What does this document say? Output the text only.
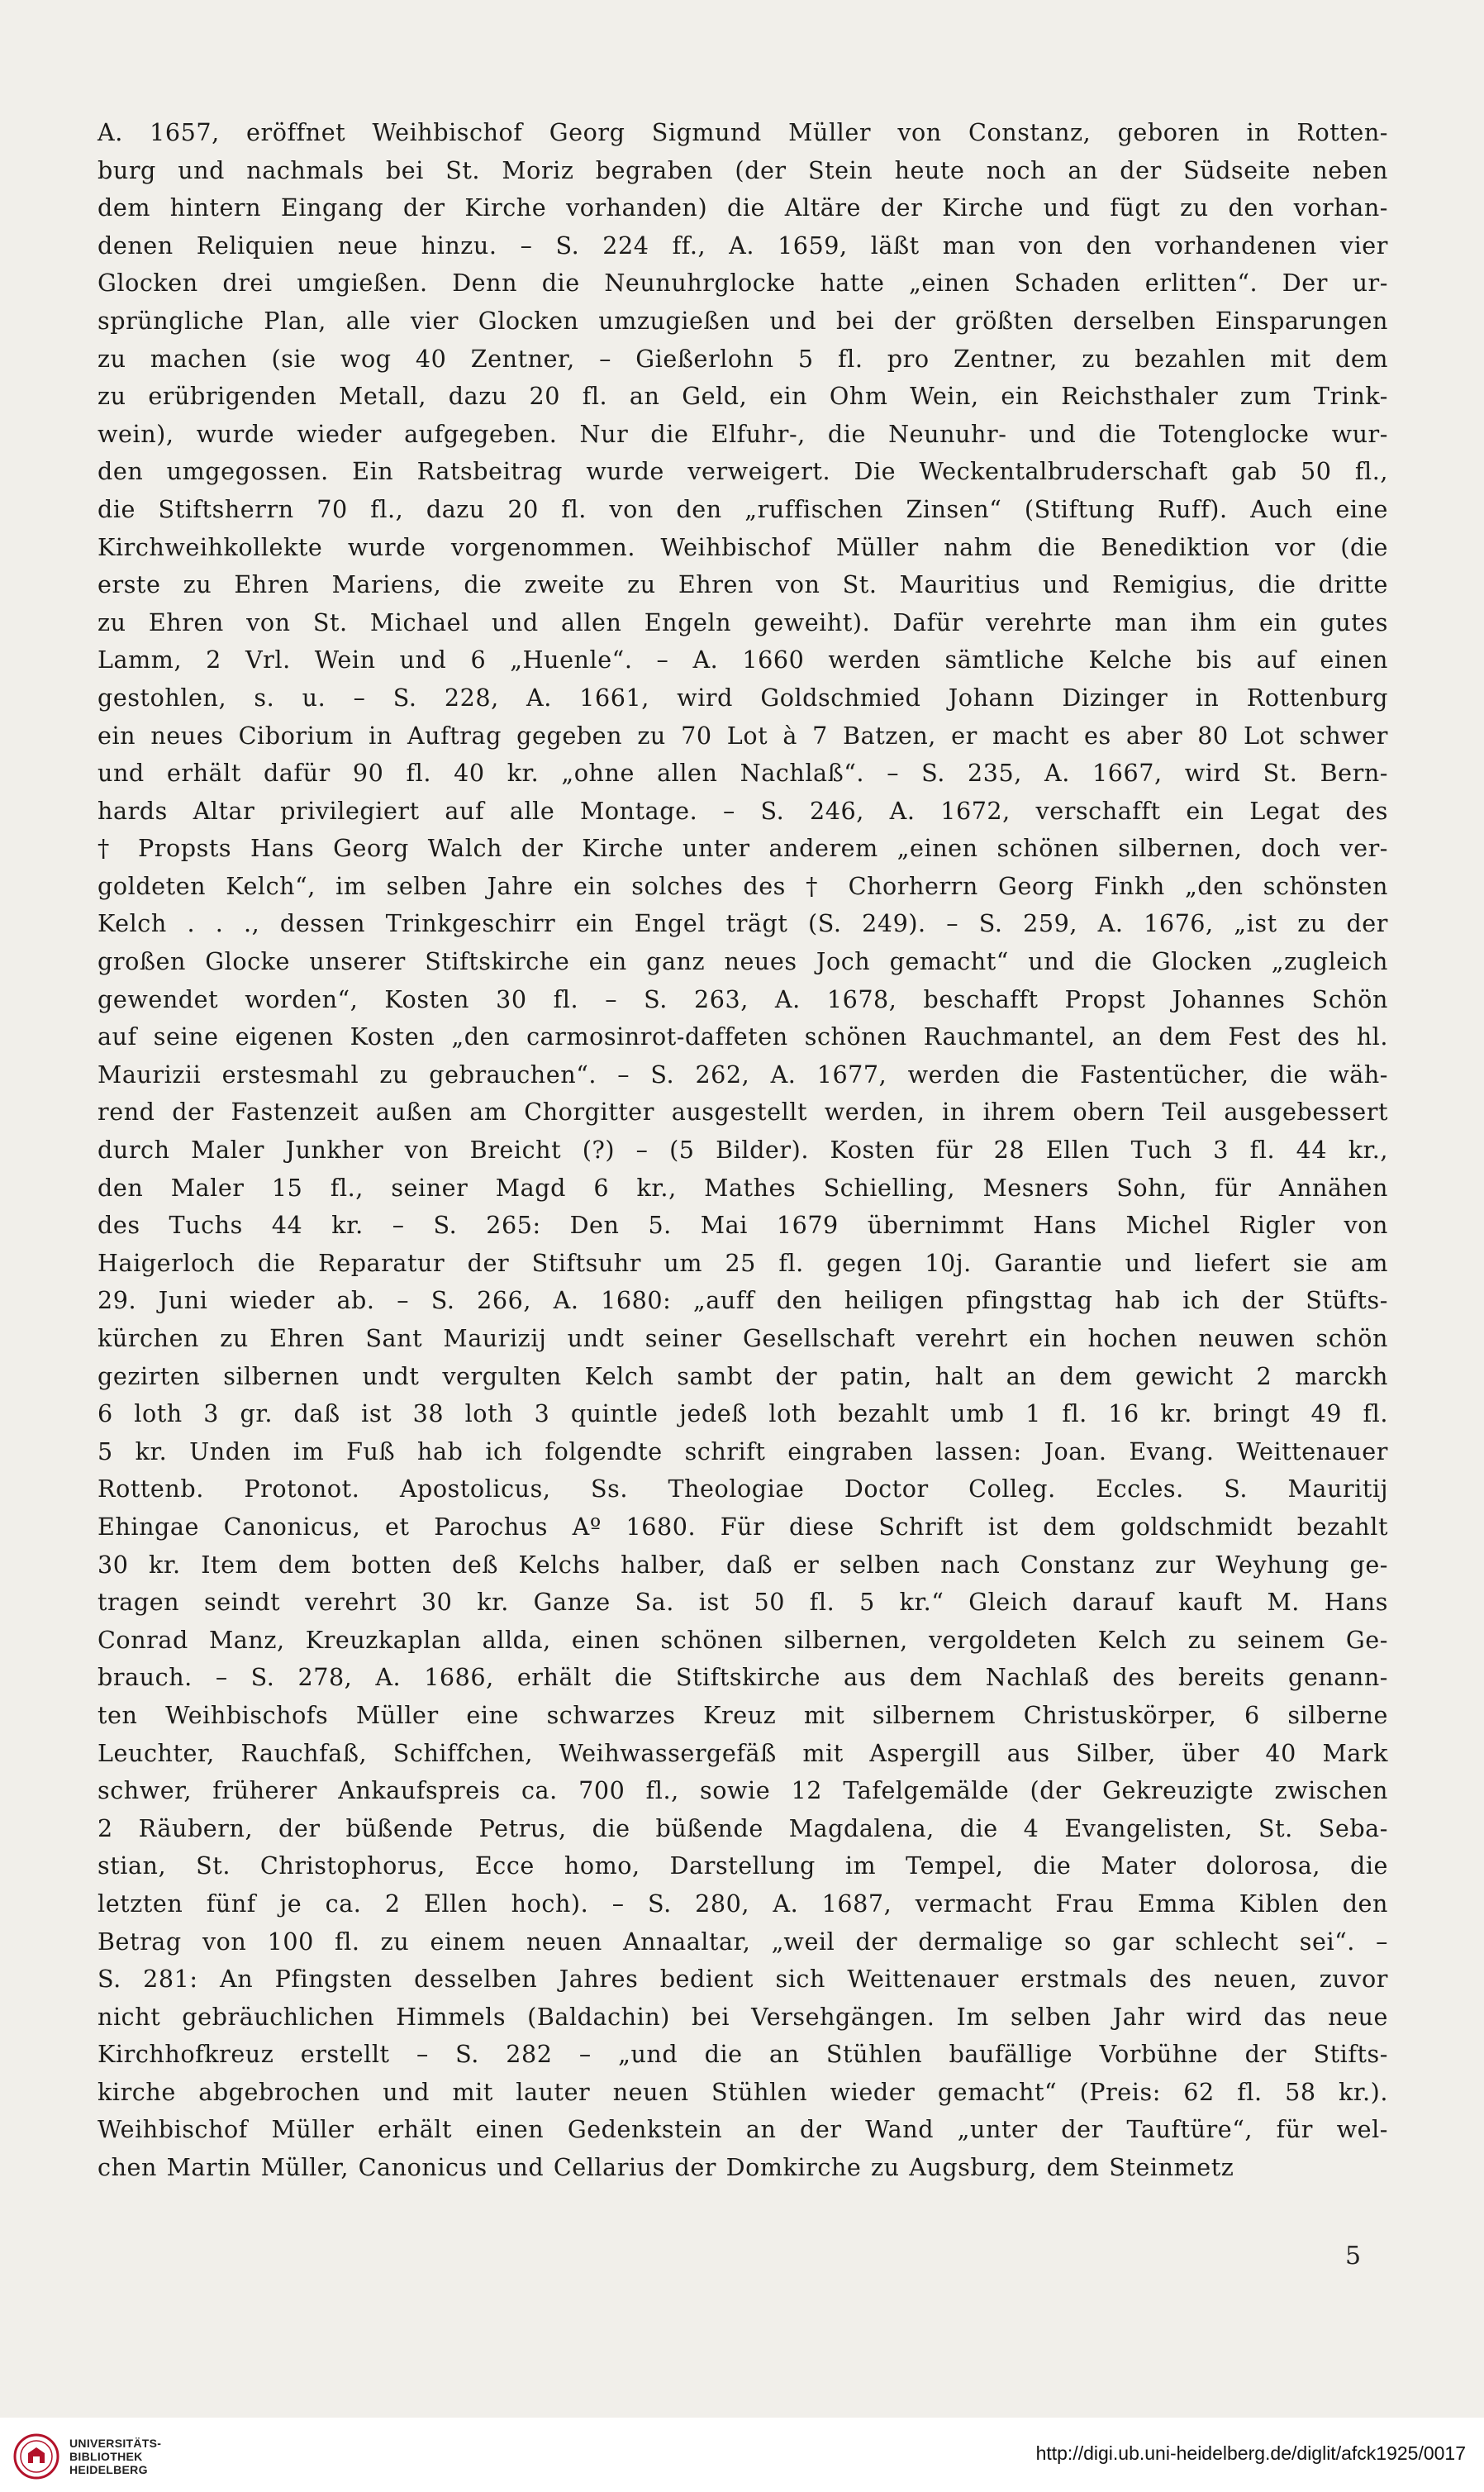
A. 1657, eröffnet Weihbischof Georg Sigmund Müller von Constanz, geboren in Rotten-
burg und nachmals bei St. Moriz begraben (der Stein heute noch an der Südseite neben
dem hintern Eingang der Kirche vorhanden) die Altäre der Kirche und fügt zu den vorhan-
denen Reliquien neue hinzu. – S. 224 ff., A. 1659, läßt man von den vorhandenen vier
Glocken drei umgießen. Denn die Neunuhrglocke hatte „einen Schaden erlitten“. Der ur-
sprüngliche Plan, alle vier Glocken umzugießen und bei der größten derselben Einsparungen
zu machen (sie wog 40 Zentner, – Gießerlohn 5 fl. pro Zentner, zu bezahlen mit dem
zu erübrigenden Metall, dazu 20 fl. an Geld, ein Ohm Wein, ein Reichsthaler zum Trink-
wein), wurde wieder aufgegeben. Nur die Elfuhr-, die Neunuhr- und die Totenglocke wur-
den umgegossen. Ein Ratsbeitrag wurde verweigert. Die Weckentalbruderschaft gab 50 fl.,
die Stiftsherrn 70 fl., dazu 20 fl. von den „ruffischen Zinsen“ (Stiftung Ruff). Auch eine
Kirchweihkollekte wurde vorgenommen. Weihbischof Müller nahm die Benediktion vor (die
erste zu Ehren Mariens, die zweite zu Ehren von St. Mauritius und Remigius, die dritte
zu Ehren von St. Michael und allen Engeln geweiht). Dafür verehrte man ihm ein gutes
Lamm, 2 Vrl. Wein und 6 „Huenle“. – A. 1660 werden sämtliche Kelche bis auf einen
gestohlen, s. u. – S. 228, A. 1661, wird Goldschmied Johann Dizinger in Rottenburg
ein neues Ciborium in Auftrag gegeben zu 70 Lot à 7 Batzen, er macht es aber 80 Lot schwer
und erhält dafür 90 fl. 40 kr. „ohne allen Nachlaß“. – S. 235, A. 1667, wird St. Bern-
hards Altar privilegiert auf alle Montage. – S. 246, A. 1672, verschafft ein Legat des
† Propsts Hans Georg Walch der Kirche unter anderem „einen schönen silbernen, doch ver-
goldeten Kelch“, im selben Jahre ein solches des † Chorherrn Georg Finkh „den schönsten
Kelch . . ., dessen Trinkgeschirr ein Engel trägt (S. 249). – S. 259, A. 1676, „ist zu der
großen Glocke unserer Stiftskirche ein ganz neues Joch gemacht“ und die Glocken „zugleich
gewendet worden“, Kosten 30 fl. – S. 263, A. 1678, beschafft Propst Johannes Schön
auf seine eigenen Kosten „den carmosinrot-daffeten schönen Rauchmantel, an dem Fest des hl.
Maurizii erstesmahl zu gebrauchen“. – S. 262, A. 1677, werden die Fastentücher, die wäh-
rend der Fastenzeit außen am Chorgitter ausgestellt werden, in ihrem obern Teil ausgebessert
durch Maler Junkher von Breicht (?) – (5 Bilder). Kosten für 28 Ellen Tuch 3 fl. 44 kr.,
den Maler 15 fl., seiner Magd 6 kr., Mathes Schielling, Mesners Sohn, für Annähen
des Tuchs 44 kr. – S. 265: Den 5. Mai 1679 übernimmt Hans Michel Rigler von
Haigerloch die Reparatur der Stiftsuhr um 25 fl. gegen 10j. Garantie und liefert sie am
29. Juni wieder ab. – S. 266, A. 1680: „auff den heiligen pfingsttag hab ich der Stüfts-
kürchen zu Ehren Sant Maurizij undt seiner Gesellschaft verehrt ein hochen neuwen schön
gezirten silbernen undt vergulten Kelch sambt der patin, halt an dem gewicht 2 marckh
6 loth 3 gr. daß ist 38 loth 3 quintle jedeß loth bezahlt umb 1 fl. 16 kr. bringt 49 fl.
5 kr. Unden im Fuß hab ich folgendte schrift eingraben lassen: Joan. Evang. Weittenauer
Rottenb. Protonot. Apostolicus, Ss. Theologiae Doctor Colleg. Eccles. S. Mauritij
Ehingae Canonicus, et Parochus Aº 1680. Für diese Schrift ist dem goldschmidt bezahlt
30 kr. Item dem botten deß Kelchs halber, daß er selben nach Constanz zur Weyhung ge-
tragen seindt verehrt 30 kr. Ganze Sa. ist 50 fl. 5 kr.“ Gleich darauf kauft M. Hans
Conrad Manz, Kreuzkaplan allda, einen schönen silbernen, vergoldeten Kelch zu seinem Ge-
brauch. – S. 278, A. 1686, erhält die Stiftskirche aus dem Nachlaß des bereits genann-
ten Weihbischofs Müller eine schwarzes Kreuz mit silbernem Christuskörper, 6 silberne
Leuchter, Rauchfaß, Schiffchen, Weihwassergefäß mit Aspergill aus Silber, über 40 Mark
schwer, früherer Ankaufspreis ca. 700 fl., sowie 12 Tafelgemälde (der Gekreuzigte zwischen
2 Räubern, der büßende Petrus, die büßende Magdalena, die 4 Evangelisten, St. Seba-
stian, St. Christophorus, Ecce homo, Darstellung im Tempel, die Mater dolorosa, die
letzten fünf je ca. 2 Ellen hoch). – S. 280, A. 1687, vermacht Frau Emma Kiblen den
Betrag von 100 fl. zu einem neuen Annaaltar, „weil der dermalige so gar schlecht sei“. –
S. 281: An Pfingsten desselben Jahres bedient sich Weittenauer erstmals des neuen, zuvor
nicht gebräuchlichen Himmels (Baldachin) bei Versehgängen. Im selben Jahr wird das neue
Kirchhofkreuz erstellt – S. 282 – „und die an Stühlen baufällige Vorbühne der Stifts-
kirche abgebrochen und mit lauter neuen Stühlen wieder gemacht“ (Preis: 62 fl. 58 kr.).
Weihbischof Müller erhält einen Gedenkstein an der Wand „unter der Tauftüre“, für wel-
chen Martin Müller, Canonicus und Cellarius der Domkirche zu Augsburg, dem Steinmetz
5
UNIVERSITÄTS-
BIBLIOTHEK
HEIDELBERG
http://digi.ub.uni-heidelberg.de/diglit/afck1925/0017
